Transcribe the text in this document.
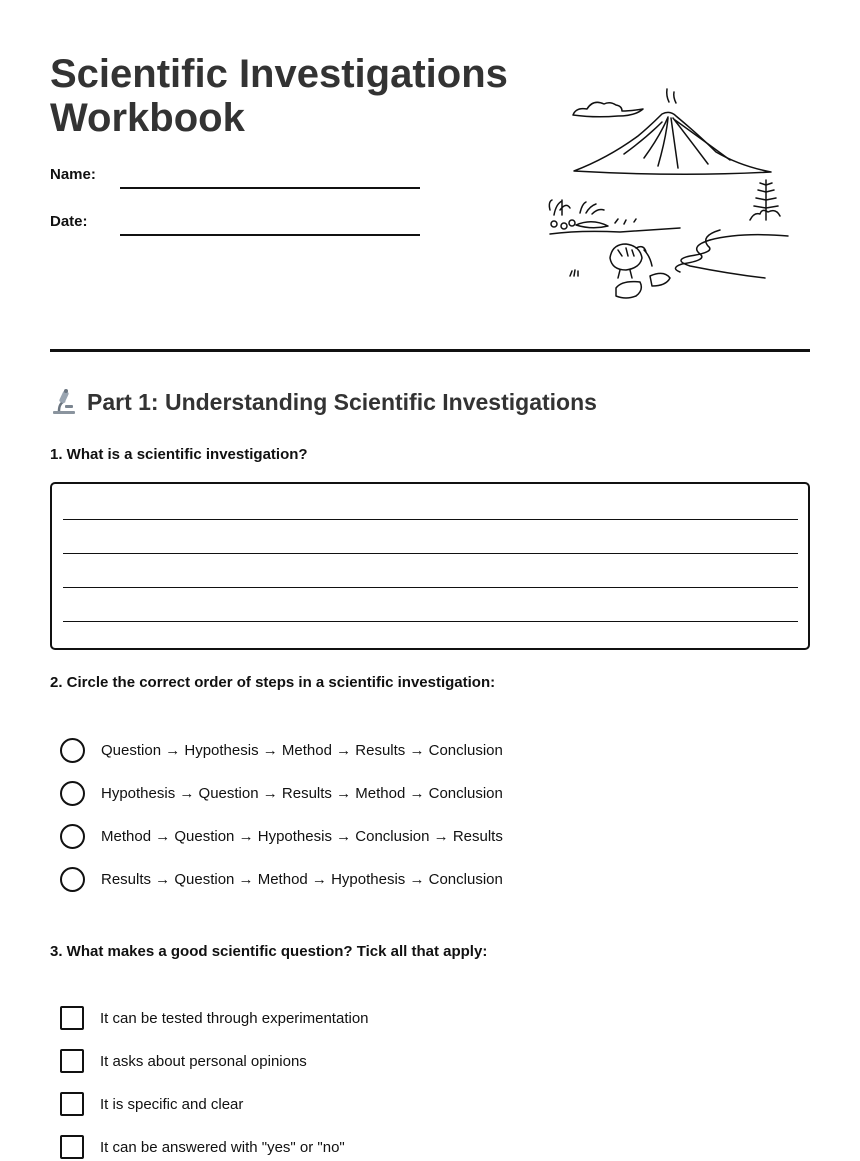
Scientific Investigations
Workbook
Name:
Date:
Part 1: Understanding Scientific Investigations
1. What is a scientific investigation?
2. Circle the correct order of steps in a scientific investigation:
Question → Hypothesis → Method → Results → Conclusion
Hypothesis → Question → Results → Method → Conclusion
Method → Question → Hypothesis → Conclusion → Results
Results → Question → Method → Hypothesis → Conclusion
3. What makes a good scientific question? Tick all that apply:
It can be tested through experimentation
It asks about personal opinions
It is specific and clear
It can be answered with "yes" or "no"
